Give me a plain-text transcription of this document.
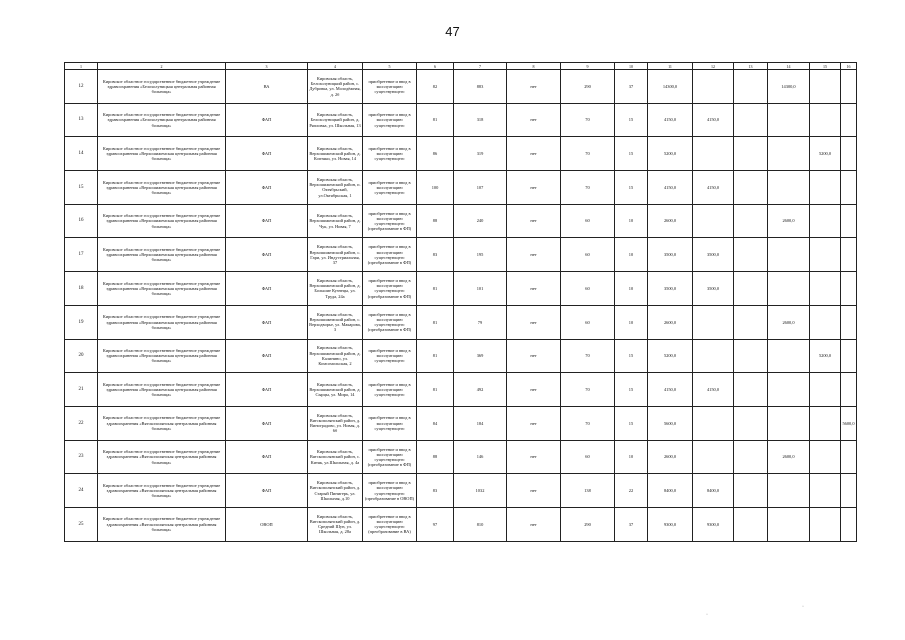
47
1	2	3	4	5	6	7	8	9	10	11	12	13	14	15	16
12	Кировское областное государственное бюджетное учреждение здравоохранения «Белохолуницкая центральная районная больница»	ВА	Кировская область, Белохолуницкий район, с. Дубровка, ул. Молодёжная, д. 2б	приобретение и ввод в эксплуатацию существующего	82	883	нет	290	37	14300,0			14300,0		
13	Кировское областное государственное бюджетное учреждение здравоохранения «Белохолуницкая центральная районная больница»	ФАП	Кировская область, Белохолуницкий район, д. Ряпловка, ул. Школьная, 13	приобретение и ввод в эксплуатацию существующего	81	318	нет	70	15	4150,0	4150,0				
14	Кировское областное государственное бюджетное учреждение здравоохранения «Верхошижемская центральная районная больница»	ФАП	Кировская область, Верхошижемский район, д. Коптяки, ул. Новая, 14	приобретение и ввод в эксплуатацию существующего	86	319	нет	70	15	5200,0				5200,0	
15	Кировское областное государственное бюджетное учреждение здравоохранения «Верхошижемская центральная районная больница»	ФАП	Кировская область, Верхошижемский район, п. Октябрьский, ул.Октябрьская, 1	приобретение и ввод в эксплуатацию существующего	100	107	нет	70	15	4150,0	4150,0				
16	Кировское областное государственное бюджетное учреждение здравоохранения «Верхошижемская центральная районная больница»	ФАП	Кировская область, Верхошижемский район, д. Чук, ул. Новая, 7	приобретение и ввод в эксплуатацию существующего (преобразование в ФП)	88	240	нет	60	10	2600,0			2600,0		
17	Кировское областное государственное бюджетное учреждение здравоохранения «Верхошижемская центральная районная больница»	ФАП	Кировская область, Верхошижемский район, с. Гари, ул. Индустриальная, 37	приобретение и ввод в эксплуатацию существующего (преобразование в ФП)	83	195	нет	60	10	3500,0	3500,0				
18	Кировское областное государственное бюджетное учреждение здравоохранения «Верхошижемская центральная районная больница»	ФАП	Кировская область, Верхошижемский район, д. Большие Кузнецы, ул. Труда, 24а	приобретение и ввод в эксплуатацию существующего (преобразование в ФП)	81	101	нет	60	10	3500,0	3500,0				
19	Кировское областное государственное бюджетное учреждение здравоохранения «Верхошижемская центральная районная больница»	ФАП	Кировская область, Верхошижемский район, с. Верходворье, ул. Макарова, 3	приобретение и ввод в эксплуатацию существующего (преобразование в ФП)	81	79	нет	60	10	2600,0			2600,0		
20	Кировское областное государственное бюджетное учреждение здравоохранения «Верхошижемская центральная районная больница»	ФАП	Кировская область, Верхошижемский район, д. Калинино, ул. Комсомольская, 2	приобретение и ввод в эксплуатацию существующего	81	369	нет	70	15	5200,0				5200,0	
21	Кировское областное государственное бюджетное учреждение здравоохранения «Верхошижемская центральная районная больница»	ФАП	Кировская область, Верхошижемский район, д. Сырцы, ул. Мира, 14	приобретение и ввод в эксплуатацию существующего	81	492	нет	70	15	4150,0	4150,0				
22	Кировское областное государственное бюджетное учреждение здравоохранения «Вятскополянская центральная районная больница»	ФАП	Кировская область, Вятскополянский район, д. Виноградово, ул. Новая, д. 6б	приобретение и ввод в эксплуатацию существующего	84	184	нет	70	15	5600,0					5600,0
23	Кировское областное государственное бюджетное учреждение здравоохранения «Вятскополянская центральная районная больница»	ФАП	Кировская область, Вятскополянский район, с. Китяк, ул.Школьная, д. 4а	приобретение и ввод в эксплуатацию существующего (преобразование в ФП)	88	146	нет	60	10	2600,0			2600,0		
24	Кировское областное государственное бюджетное учреждение здравоохранения «Вятскополянская центральная районная больница»	ФАП	Кировская область, Вятскополянский район, д. Старый Пинигерь, ул. Школьная, д.10	приобретение и ввод в эксплуатацию существующего (преобразование в ОВОП)	83	1032	нет	138	22	8400,0	8400,0				
25	Кировское областное государственное бюджетное учреждение здравоохранения «Вятскополянская центральная районная больница»	ОВОП	Кировская область, Вятскополянский район, д. Средний Шун, ул. Школьная, д. 28а	приобретение и ввод в эксплуатацию существующего (преобразование в ВА)	97	810	нет	290	37	9300,0	9300,0				
·
·
